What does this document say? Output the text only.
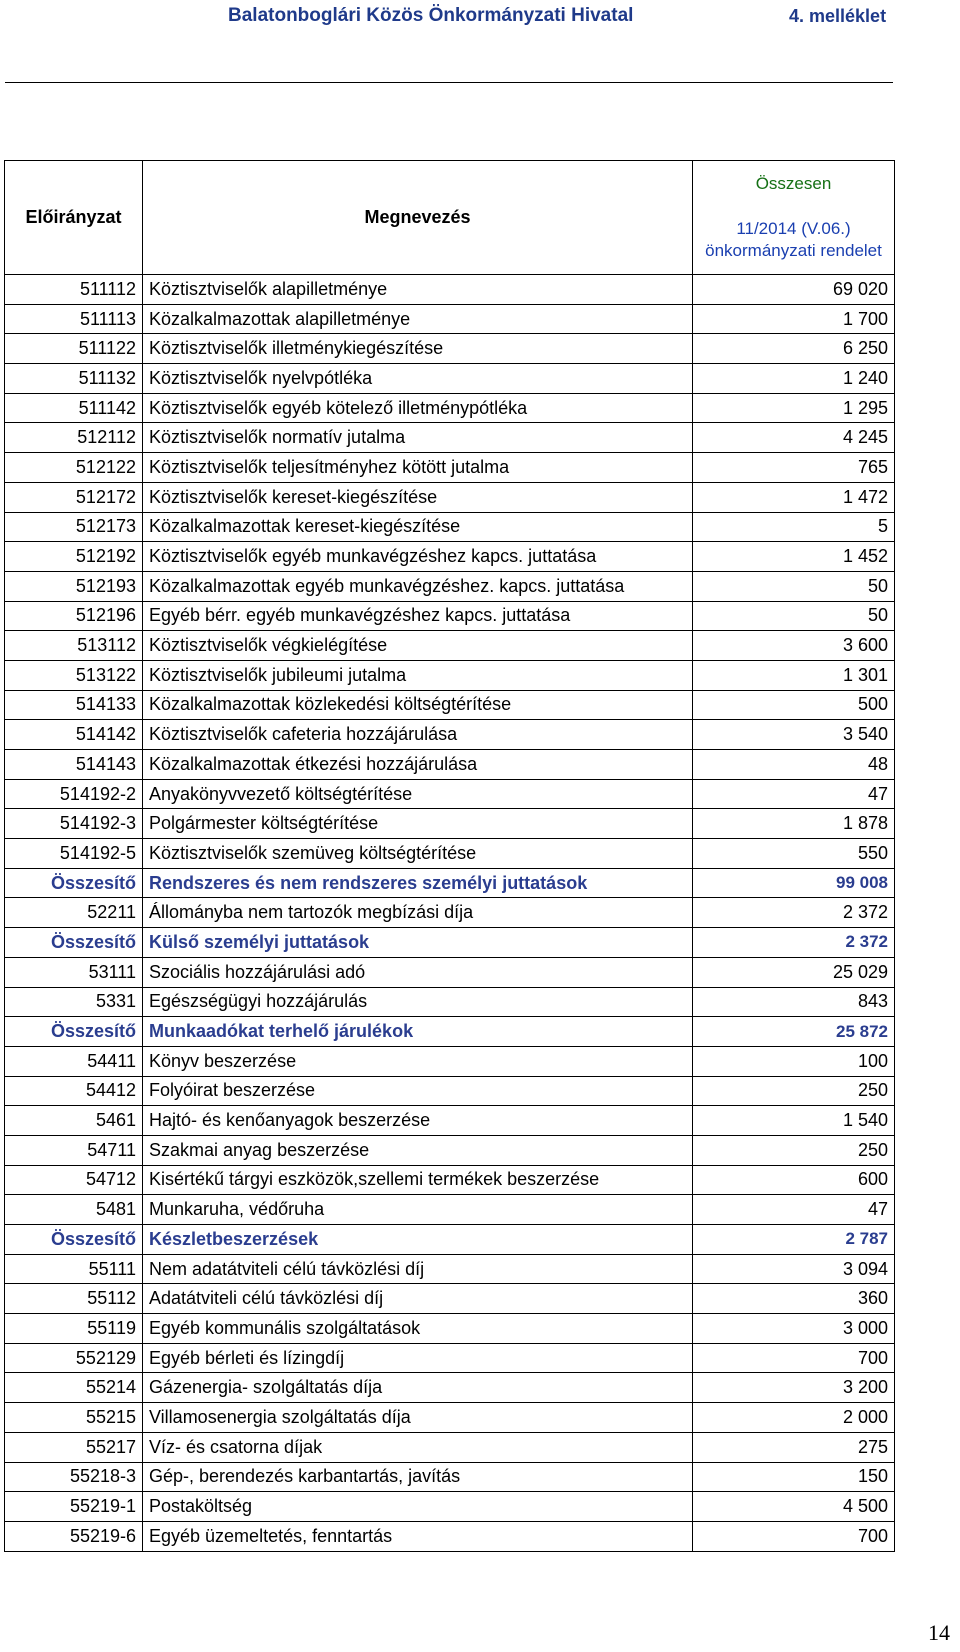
Balatonboglári Közös Önkormányzati Hivatal	4. melléklet
Előirányzat	Megnevezés	Összesen
		11/2014 (V.06.) önkormányzati rendelet
511112	Köztisztviselők alapilletménye	69 020
511113	Közalkalmazottak alapilletménye	1 700
511122	Köztisztviselők illetménykiegészítése	6 250
511132	Köztisztviselők nyelvpótléka	1 240
511142	Köztisztviselők egyéb kötelező illetménypótléka	1 295
512112	Köztisztviselők normatív jutalma	4 245
512122	Köztisztviselők teljesítményhez kötött jutalma	765
512172	Köztisztviselők kereset-kiegészítése	1 472
512173	Közalkalmazottak kereset-kiegészítése	5
512192	Köztisztviselők egyéb munkavégzéshez kapcs. juttatása	1 452
512193	Közalkalmazottak egyéb munkavégzéshez. kapcs. juttatása	50
512196	Egyéb bérr. egyéb munkavégzéshez kapcs. juttatása	50
513112	Köztisztviselők végkielégítése	3 600
513122	Köztisztviselők jubileumi jutalma	1 301
514133	Közalkalmazottak közlekedési költségtérítése	500
514142	Köztisztviselők cafeteria hozzájárulása	3 540
514143	Közalkalmazottak étkezési hozzájárulása	48
514192-2	Anyakönyvvezető költségtérítése	47
514192-3	Polgármester költségtérítése	1 878
514192-5	Köztisztviselők szemüveg költségtérítése	550
Összesítő	Rendszeres és nem rendszeres személyi juttatások	99 008
52211	Állományba nem tartozók megbízási díja	2 372
Összesítő	Külső személyi juttatások	2 372
53111	Szociális hozzájárulási adó	25 029
5331	Egészségügyi hozzájárulás	843
Összesítő	Munkaadókat terhelő járulékok	25 872
54411	Könyv beszerzése	100
54412	Folyóirat beszerzése	250
5461	Hajtó- és kenőanyagok beszerzése	1 540
54711	Szakmai anyag beszerzése	250
54712	Kisértékű tárgyi eszközök,szellemi termékek beszerzése	600
5481	Munkaruha, védőruha	47
Összesítő	Készletbeszerzések	2 787
55111	Nem adatátviteli célú távközlési díj	3 094
55112	Adatátviteli célú távközlési díj	360
55119	Egyéb kommunális szolgáltatások	3 000
552129	Egyéb bérleti és lízingdíj	700
55214	Gázenergia- szolgáltatás díja	3 200
55215	Villamosenergia szolgáltatás díja	2 000
55217	Víz- és csatorna díjak	275
55218-3	Gép-, berendezés karbantartás, javítás	150
55219-1	Postaköltség	4 500
55219-6	Egyéb üzemeltetés, fenntartás	700
14
